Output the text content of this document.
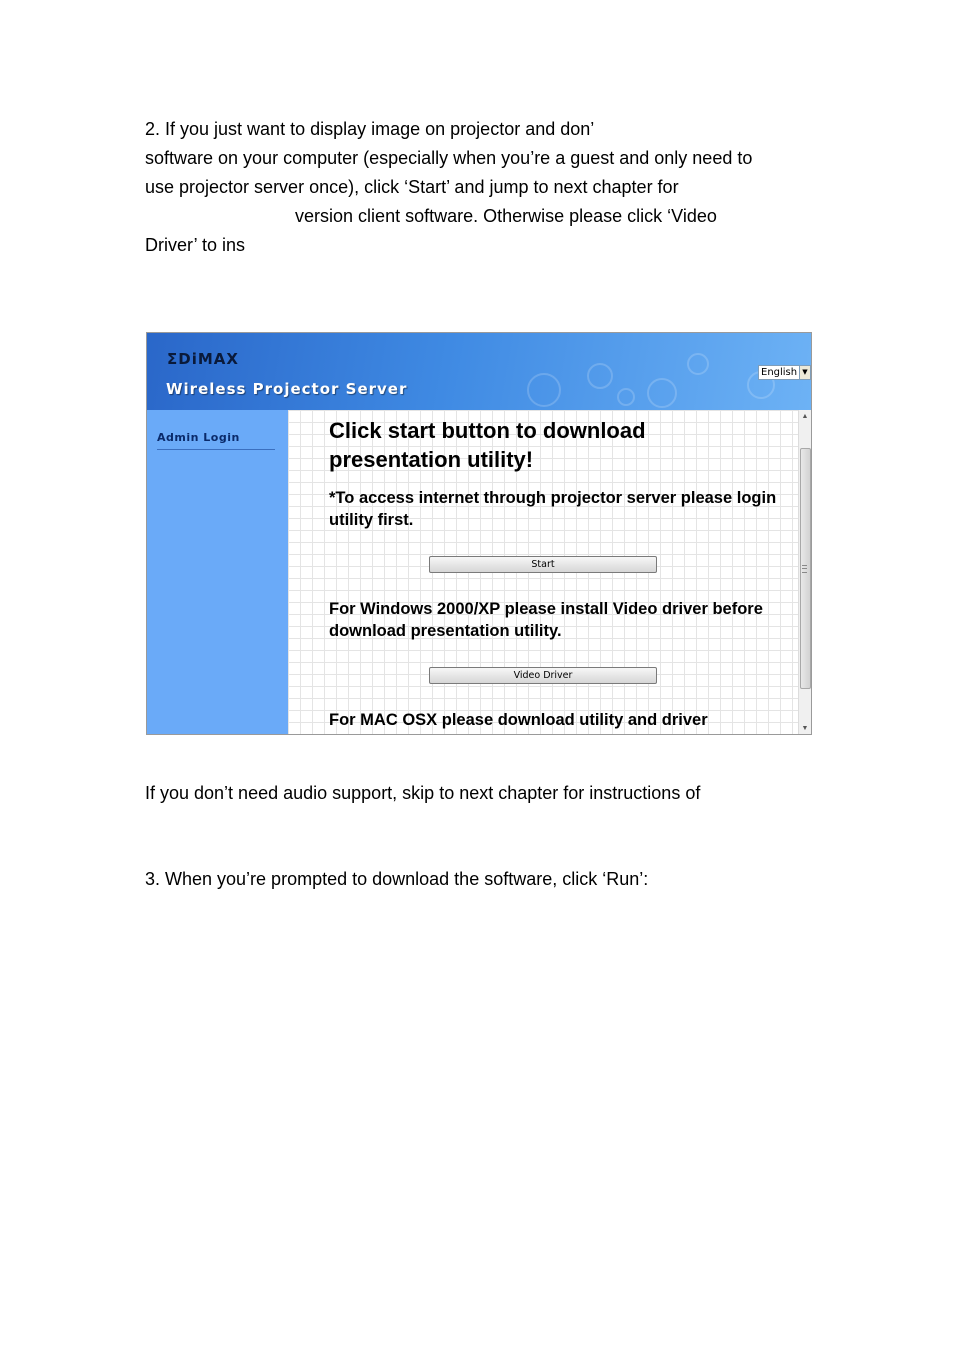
2. If you just want to display image on projector and don’
software on your computer (especially when you’re a guest and only need to
use projector server once), click ‘Start’ and jump to next chapter for
version client software. Otherwise please click ‘Video
Driver’ to ins

ΣDiMAX
Wireless Projector Server
English ▼
Admin Login	Click start button to download presentation utility!

*To access internet through projector server please login utility first.

Start

For Windows 2000/XP please install Video driver before download presentation utility.

Video Driver

For MAC OSX please download utility and driver

▲
▼

If you don’t need audio support, skip to next chapter for instructions of

3. When you’re prompted to download the software, click ‘Run’:
